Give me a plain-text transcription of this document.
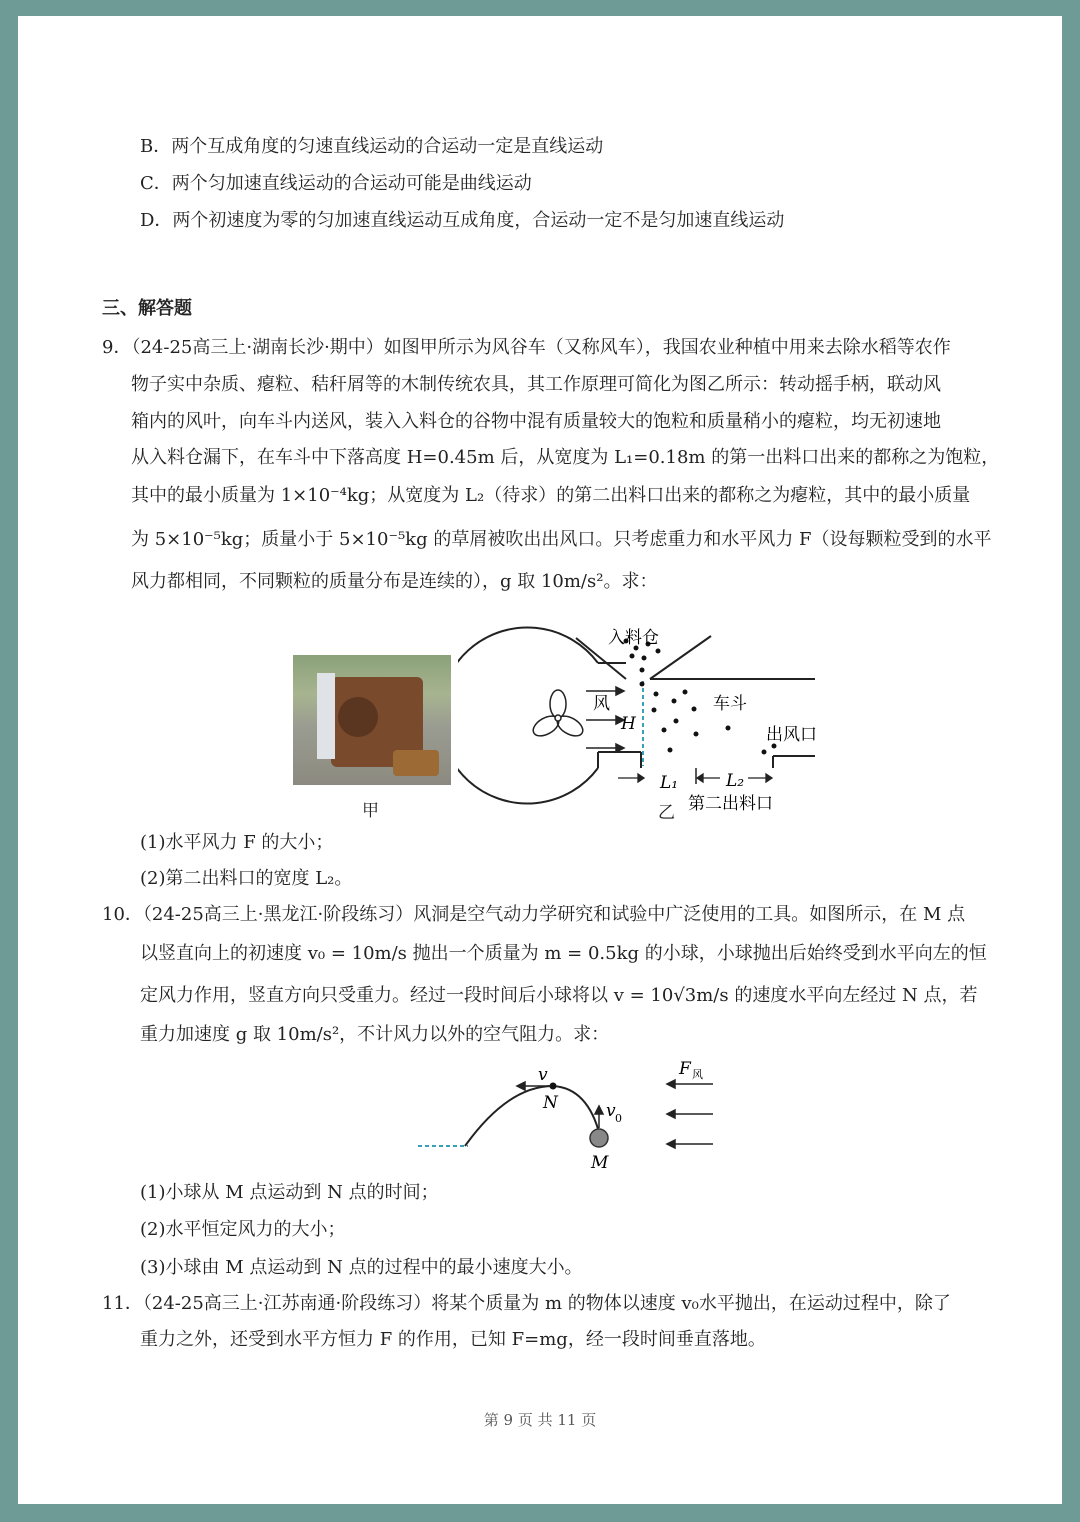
B．两个互成角度的匀速直线运动的合运动一定是直线运动
C．两个匀加速直线运动的合运动可能是曲线运动
D．两个初速度为零的匀加速直线运动互成角度，合运动一定不是匀加速直线运动
三、解答题
9．（24-25高三上·湖南长沙·期中）如图甲所示为风谷车（又称风车），我国农业种植中用来去除水稻等农作
物子实中杂质、瘪粒、秸秆屑等的木制传统农具，其工作原理可简化为图乙所示：转动摇手柄，联动风
箱内的风叶，向车斗内送风，装入入料仓的谷物中混有质量较大的饱粒和质量稍小的瘪粒，均无初速地
从入料仓漏下，在车斗中下落高度 H=0.45m 后，从宽度为 L₁=0.18m 的第一出料口出来的都称之为饱粒，
其中的最小质量为 1×10⁻⁴kg；从宽度为 L₂（待求）的第二出料口出来的都称之为瘪粒，其中的最小质量
为 5×10⁻⁵kg；质量小于 5×10⁻⁵kg 的草屑被吹出出风口。只考虑重力和水平风力 F（设每颗粒受到的水平
风力都相同，不同颗粒的质量分布是连续的），g 取 10m/s²。求：
甲
入料仓
风
H
车斗
出风口
L₁	L₂
第二出料口
乙
(1)水平风力 F 的大小；
(2)第二出料口的宽度 L₂。
10．（24-25高三上·黑龙江·阶段练习）风洞是空气动力学研究和试验中广泛使用的工具。如图所示，在 M 点
以竖直向上的初速度 v₀ = 10m/s 抛出一个质量为 m = 0.5kg 的小球，小球抛出后始终受到水平向左的恒
定风力作用，竖直方向只受重力。经过一段时间后小球将以 v = 10√3m/s 的速度水平向左经过 N 点，若
重力加速度 g 取 10m/s²，不计风力以外的空气阻力。求：
v
N	v 0
M
F 风
(1)小球从 M 点运动到 N 点的时间；
(2)水平恒定风力的大小；
(3)小球由 M 点运动到 N 点的过程中的最小速度大小。
11．（24-25高三上·江苏南通·阶段练习）将某个质量为 m 的物体以速度 v₀水平抛出，在运动过程中，除了
重力之外，还受到水平方恒力 F 的作用，已知 F=mg，经一段时间垂直落地。
第 9 页 共 11 页
